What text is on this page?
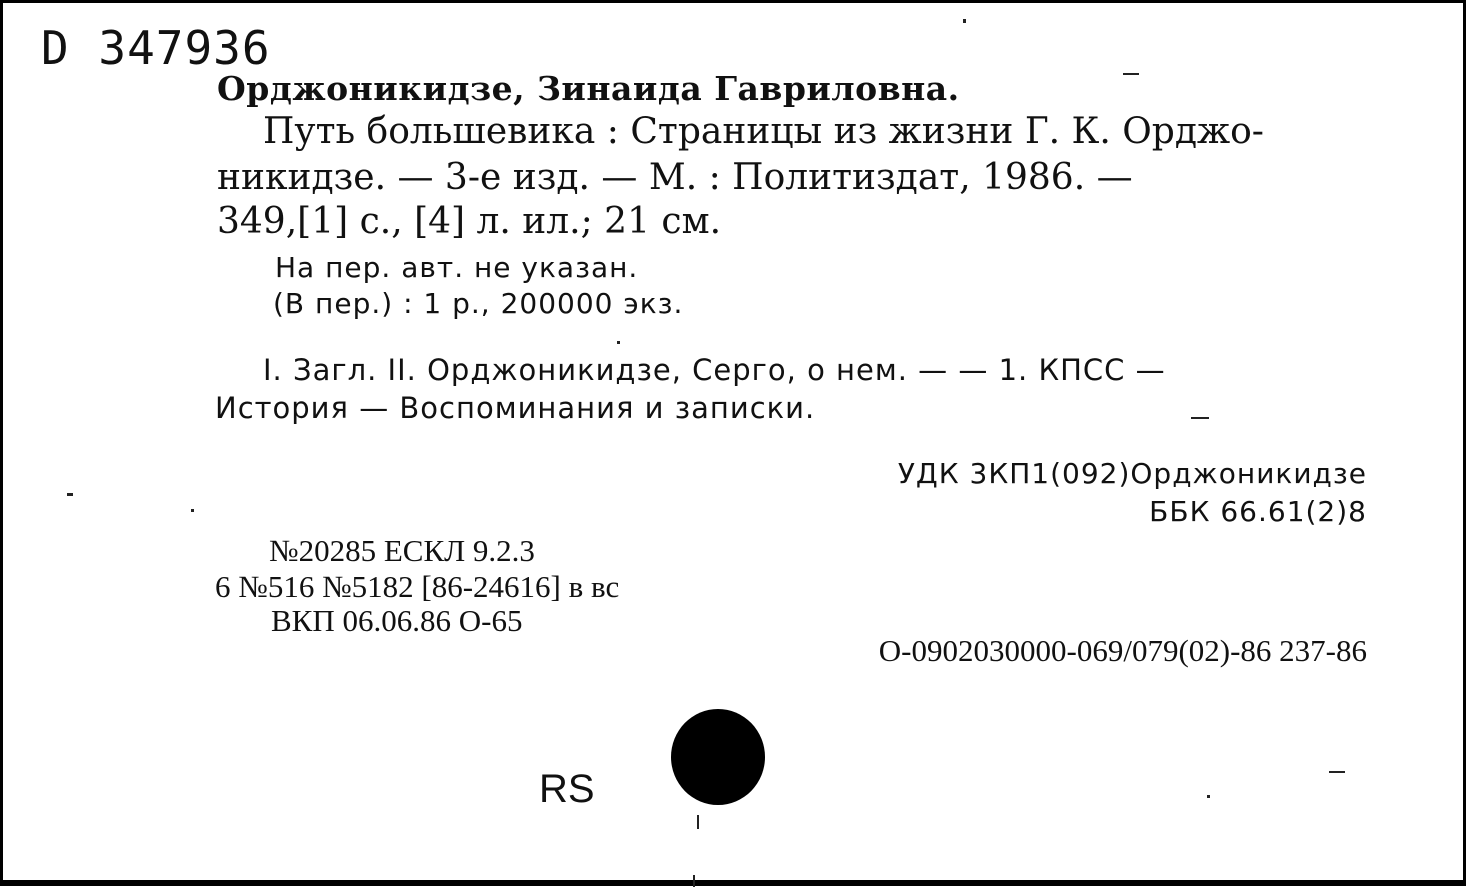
D 347936
Орджоникидзе, Зинаида Гавриловна.
Путь большевика : Страницы из жизни Г. К. Орджо-
никидзе. — 3-е изд. — М. : Политиздат, 1986. —
349,[1] с., [4] л. ил.; 21 см.
На пер. авт. не указан.
(В пер.) : 1 р., 200000 экз.
I. Загл. II. Орджоникидзе, Серго, о нем. — — 1. КПСС —
История — Воспоминания и записки.
УДК 3КП1(092)Орджоникидзе
ББК 66.61(2)8
№20285 ЕСКЛ 9.2.3
6 №516 №5182 [86-24616] в вс
ВКП 06.06.86 О-65
О-0902030000-069/079(02)-86 237-86
RS
